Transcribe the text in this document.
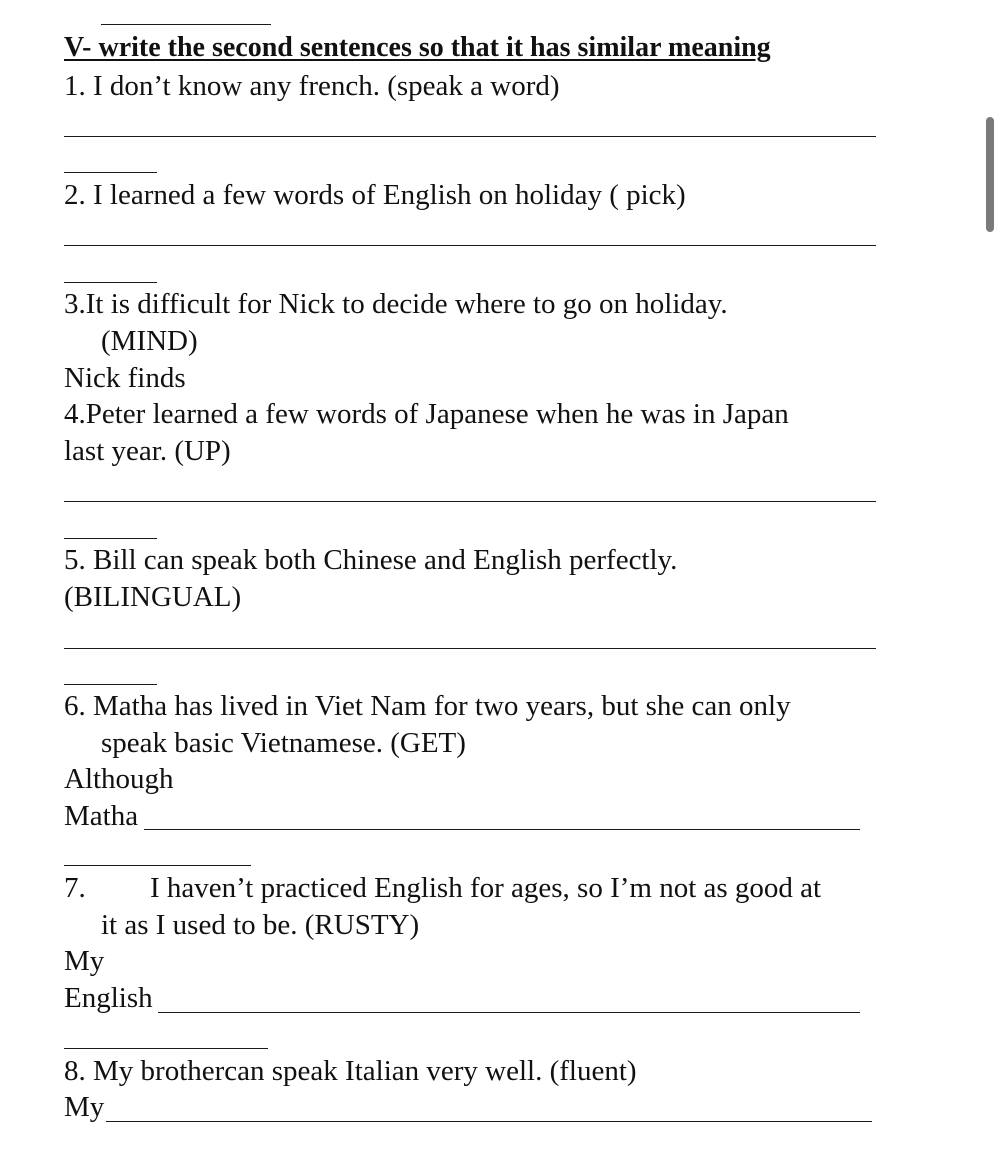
V- write the second sentences so that it has similar meaning
1. I don’t know any french. (speak a word)
2. I learned a few words of English on holiday ( pick)
3.It is difficult for Nick to decide where to go on holiday.
(MIND)
Nick finds
4.Peter learned a few words of Japanese when he was in Japan
last year. (UP)
5. Bill can speak both Chinese and English perfectly.
(BILINGUAL)
6. Matha has lived in Viet Nam for two years, but she can only
speak basic Vietnamese. (GET)
Although
Matha
7. I haven’t practiced English for ages, so I’m not as good at
it as I used to be. (RUSTY)
My
English
8. My brothercan speak Italian very well. (fluent)
My
